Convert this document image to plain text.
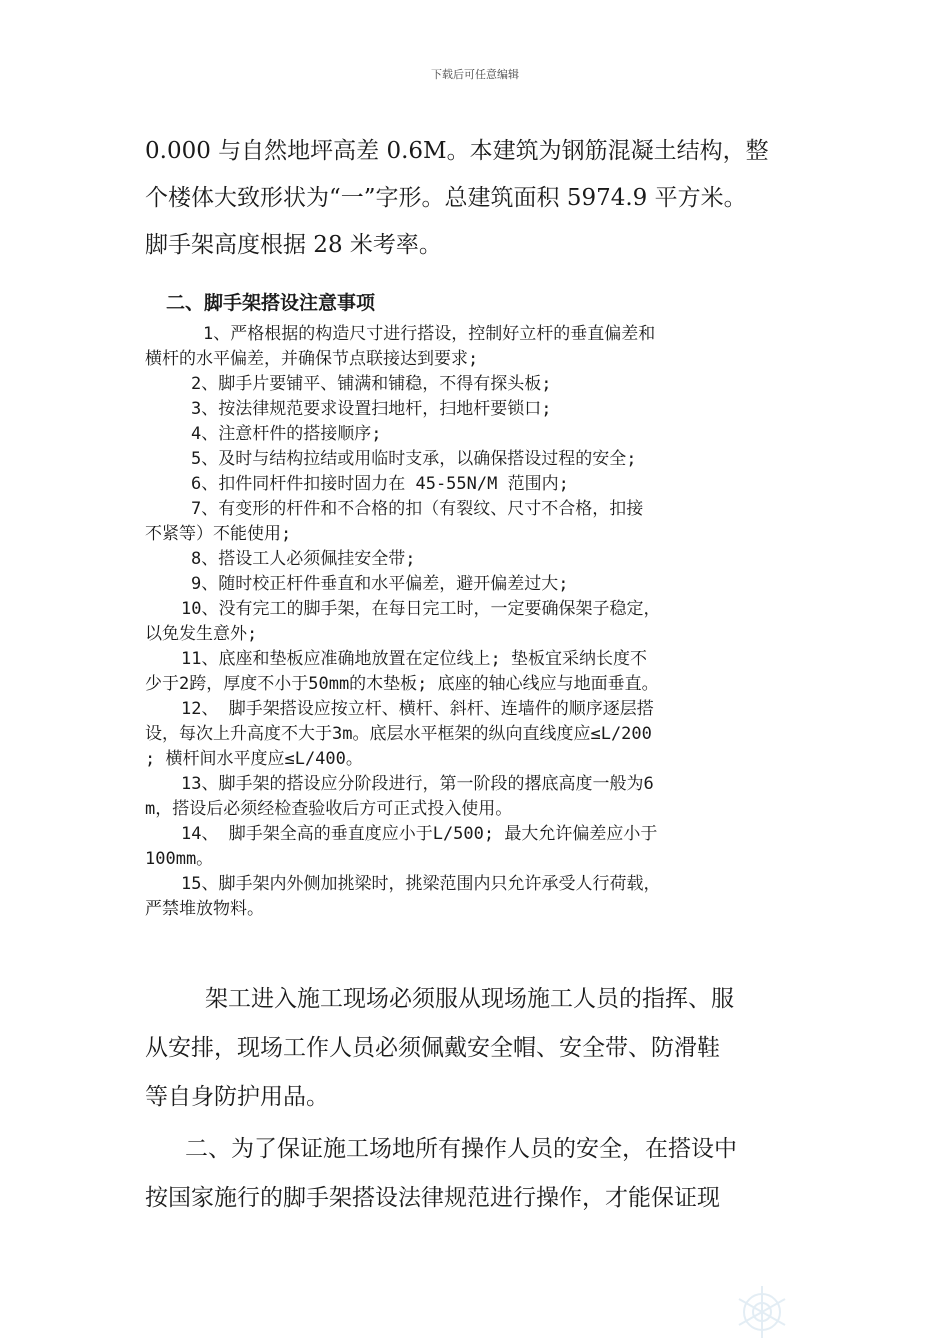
下载后可任意编辑
0.000 与自然地坪高差 0.6M。本建筑为钢筋混凝土结构，整
个楼体大致形状为“一”字形。总建筑面积 5974.9 平方米。
脚手架高度根据 28 米考率。
二、脚手架搭设注意事项
1、严格根据的构造尺寸进行搭设，控制好立杆的垂直偏差和
横杆的水平偏差，并确保节点联接达到要求;
2、脚手片要铺平、铺满和铺稳，不得有探头板;
3、按法律规范要求设置扫地杆，扫地杆要锁口;
4、注意杆件的搭接顺序;
5、及时与结构拉结或用临时支承，以确保搭设过程的安全;
6、扣件同杆件扣接时固力在 45-55N/M 范围内;
7、有变形的杆件和不合格的扣（有裂纹、尺寸不合格，扣接
不紧等）不能使用;
8、搭设工人必须佩挂安全带;
9、随时校正杆件垂直和水平偏差，避开偏差过大;
10、没有完工的脚手架，在每日完工时，一定要确保架子稳定，
以免发生意外;
11、底座和垫板应准确地放置在定位线上; 垫板宜采纳长度不
少于2跨，厚度不小于50mm的木垫板; 底座的轴心线应与地面垂直。
12、 脚手架搭设应按立杆、横杆、斜杆、连墙件的顺序逐层搭
设，每次上升高度不大于3m。底层水平框架的纵向直线度应≤L/200
; 横杆间水平度应≤L/400。
13、脚手架的搭设应分阶段进行，第一阶段的撂底高度一般为6
m，搭设后必须经检查验收后方可正式投入使用。
14、 脚手架全高的垂直度应小于L/500; 最大允许偏差应小于
100mm。
15、脚手架内外侧加挑梁时，挑梁范围内只允许承受人行荷载，
严禁堆放物料。
架工进入施工现场必须服从现场施工人员的指挥、服
从安排，现场工作人员必须佩戴安全帽、安全带、防滑鞋
等自身防护用品。
二、为了保证施工场地所有操作人员的安全，在搭设中
按国家施行的脚手架搭设法律规范进行操作，才能保证现
